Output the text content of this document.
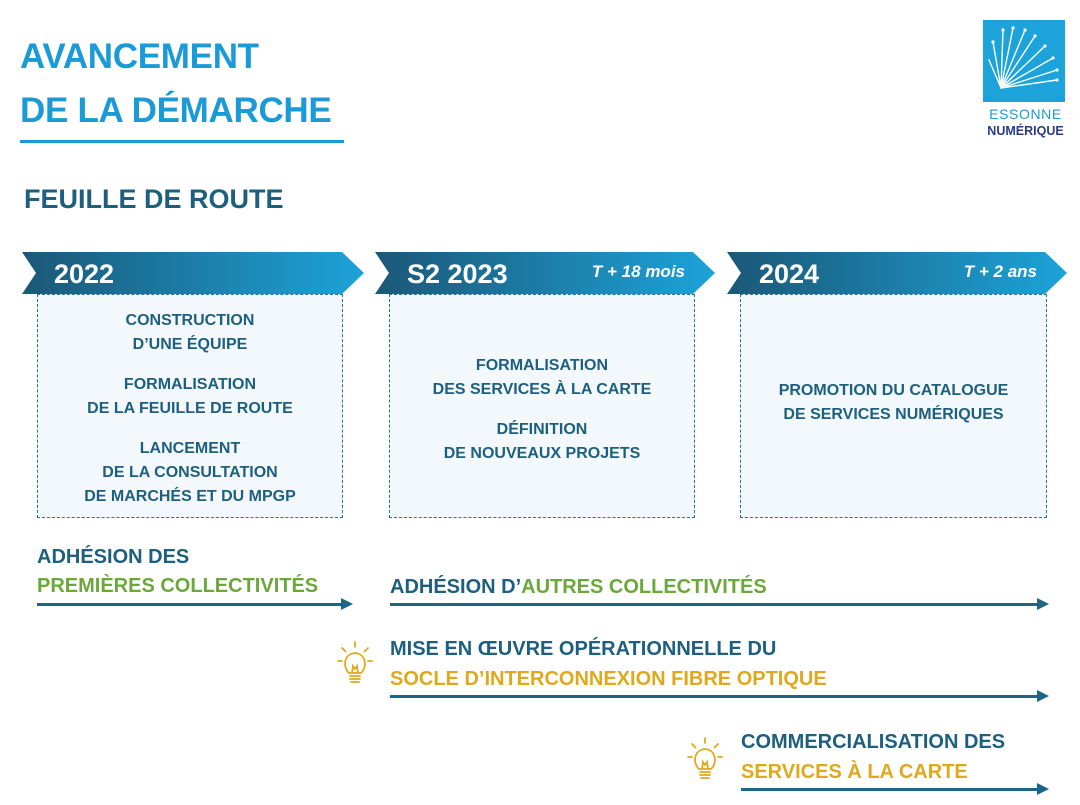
AVANCEMENT
DE LA DÉMARCHE
FEUILLE DE ROUTE
ESSONNE
NUMÉRIQUE
2022

CONSTRUCTION
D’UNE ÉQUIPE

FORMALISATION
DE LA FEUILLE DE ROUTE

LANCEMENT
DE LA CONSULTATION
DE MARCHÉS ET DU MPGP

S2 2023	T + 18 mois

FORMALISATION
DES SERVICES À LA CARTE

DÉFINITION
DE NOUVEAUX PROJETS

2024	T + 2 ans

PROMOTION DU CATALOGUE
DE SERVICES NUMÉRIQUES

ADHÉSION DES
PREMIÈRES COLLECTIVITÉS	ADHÉSION D’AUTRES COLLECTIVITÉS
MISE EN ŒUVRE OPÉRATIONNELLE DU
SOCLE D’INTERCONNEXION FIBRE OPTIQUE
COMMERCIALISATION DES
SERVICES À LA CARTE
